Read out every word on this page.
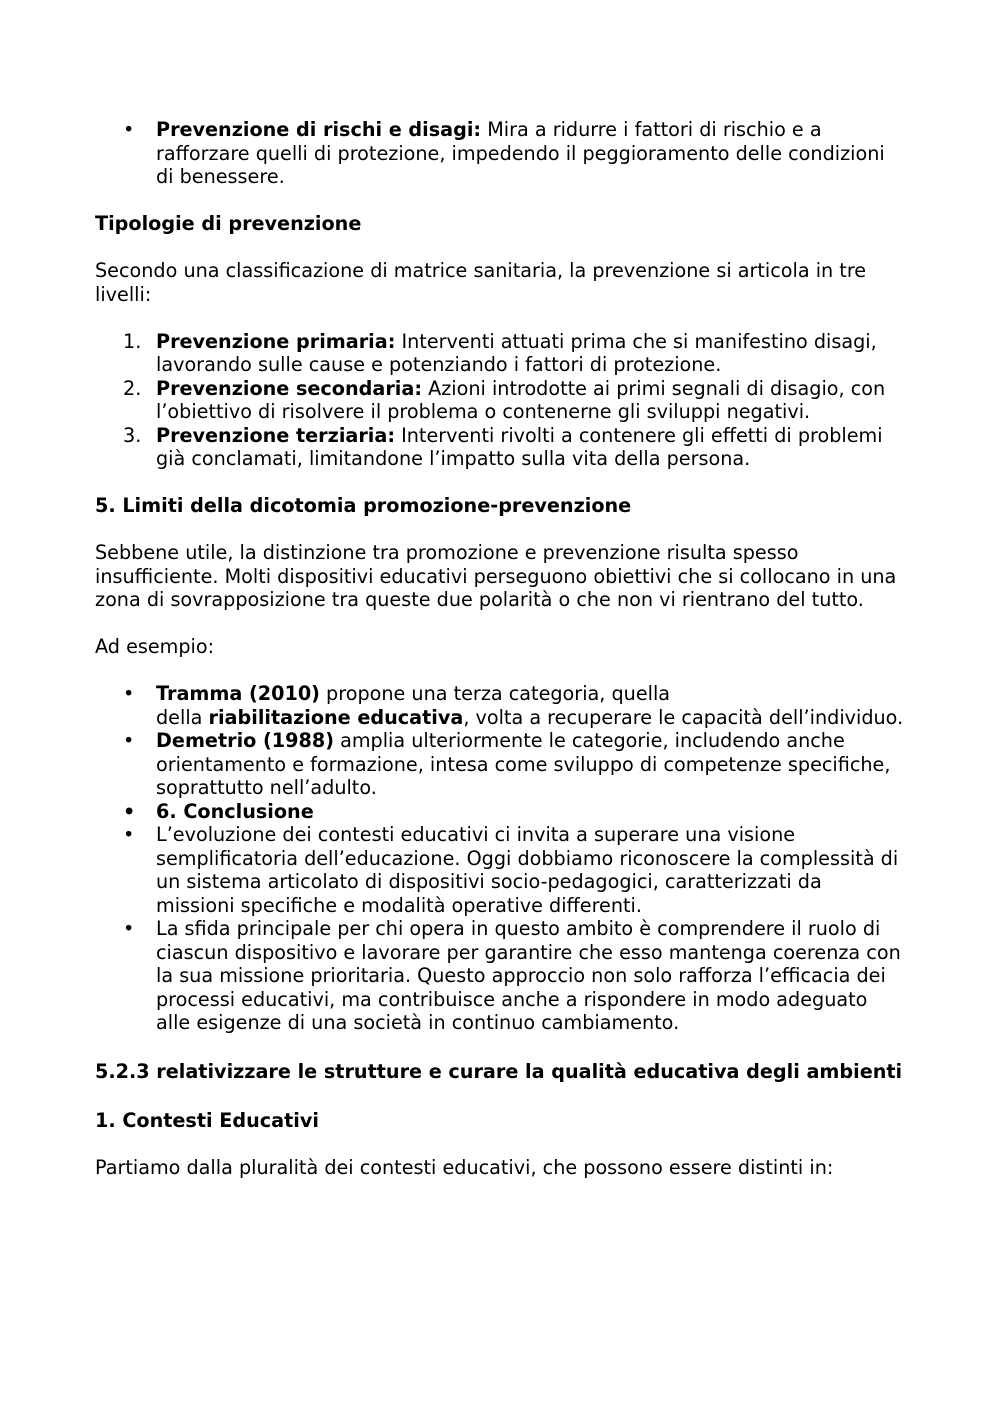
• Prevenzione di rischi e disagi: Mira a ridurre i fattori di rischio e a rafforzare quelli di protezione, impedendo il peggioramento delle condizioni di benessere.

Tipologie di prevenzione

Secondo una classificazione di matrice sanitaria, la prevenzione si articola in tre livelli:

1. Prevenzione primaria: Interventi attuati prima che si manifestino disagi, lavorando sulle cause e potenziando i fattori di protezione.
2. Prevenzione secondaria: Azioni introdotte ai primi segnali di disagio, con l’obiettivo di risolvere il problema o contenerne gli sviluppi negativi.
3. Prevenzione terziaria: Interventi rivolti a contenere gli effetti di problemi già conclamati, limitandone l’impatto sulla vita della persona.

5. Limiti della dicotomia promozione-prevenzione

Sebbene utile, la distinzione tra promozione e prevenzione risulta spesso insufficiente. Molti dispositivi educativi perseguono obiettivi che si collocano in una zona di sovrapposizione tra queste due polarità o che non vi rientrano del tutto.

Ad esempio:

• Tramma (2010) propone una terza categoria, quella
della riabilitazione educativa, volta a recuperare le capacità dell’individuo.
• Demetrio (1988) amplia ulteriormente le categorie, includendo anche orientamento e formazione, intesa come sviluppo di competenze specifiche, soprattutto nell’adulto.
• 6. Conclusione
• L’evoluzione dei contesti educativi ci invita a superare una visione semplificatoria dell’educazione. Oggi dobbiamo riconoscere la complessità di un sistema articolato di dispositivi socio-pedagogici, caratterizzati da missioni specifiche e modalità operative differenti.
• La sfida principale per chi opera in questo ambito è comprendere il ruolo di ciascun dispositivo e lavorare per garantire che esso mantenga coerenza con la sua missione prioritaria. Questo approccio non solo rafforza l’efficacia dei processi educativi, ma contribuisce anche a rispondere in modo adeguato alle esigenze di una società in continuo cambiamento.

5.2.3 relativizzare le strutture e curare la qualità educativa degli ambienti

1. Contesti Educativi

Partiamo dalla pluralità dei contesti educativi, che possono essere distinti in:
